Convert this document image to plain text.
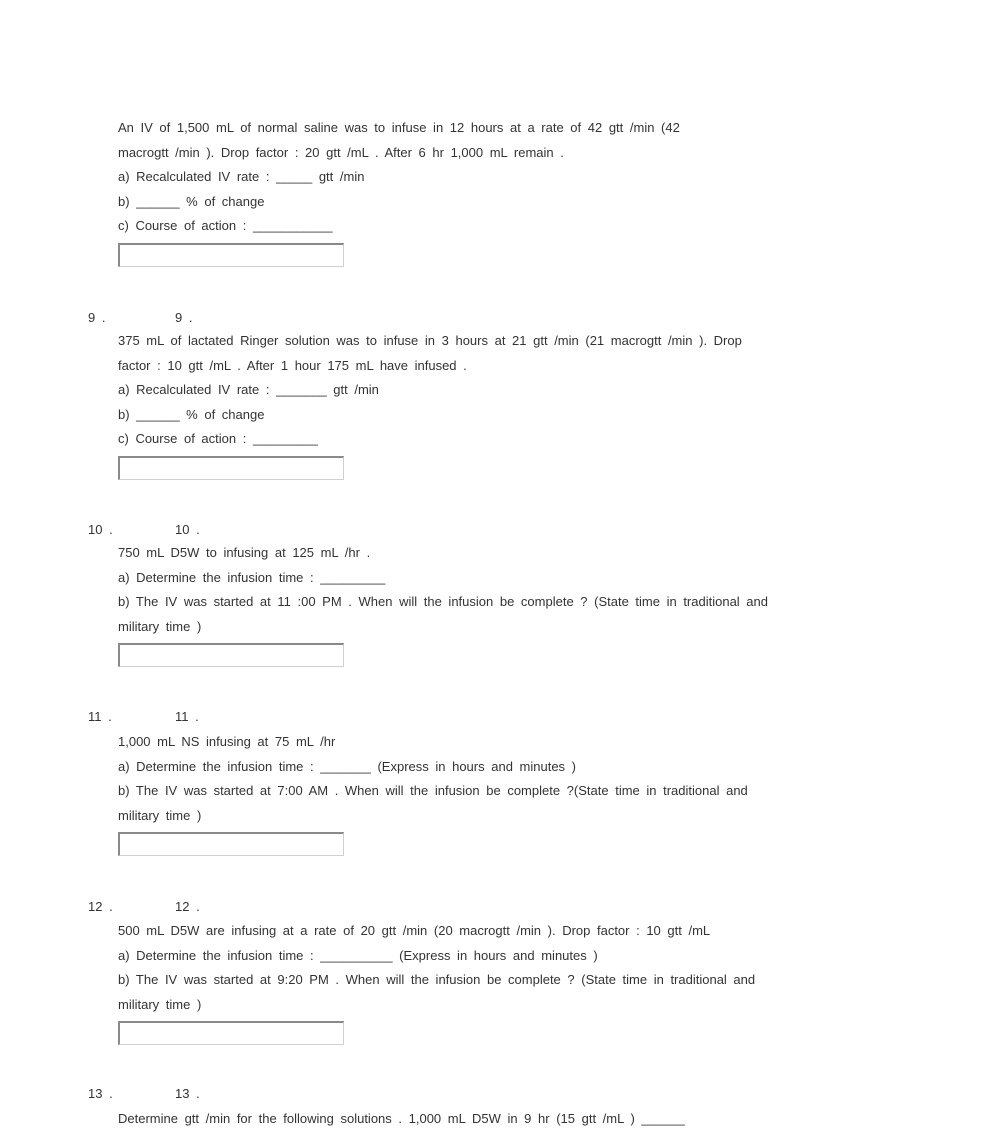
An IV of 1,500 mL of normal saline was to infuse in 12 hours at a rate of 42 gtt /min (42
macrogtt /min ). Drop factor : 20 gtt /mL . After 6 hr 1,000 mL remain .
a) Recalculated IV rate : _____ gtt /min
b) ______ % of change
c) Course of action : ___________
9 .	9 .
375 mL of lactated Ringer solution was to infuse in 3 hours at 21 gtt /min (21 macrogtt /min ). Drop
factor : 10 gtt /mL . After 1 hour 175 mL have infused .
a) Recalculated IV rate : _______ gtt /min
b) ______ % of change
c) Course of action : _________
10 .	10 .
750 mL D5W to infusing at 125 mL /hr .
a) Determine the infusion time : _________
b) The IV was started at 11 :00 PM . When will the infusion be complete ? (State time in traditional and
military time )
11 .	11 .
1,000 mL NS infusing at 75 mL /hr
a) Determine the infusion time : _______ (Express in hours and minutes )
b) The IV was started at 7:00 AM . When will the infusion be complete ?(State time in traditional and
military time )
12 .	12 .
500 mL D5W are infusing at a rate of 20 gtt /min (20 macrogtt /min ). Drop factor : 10 gtt /mL
a) Determine the infusion time : __________ (Express in hours and minutes )
b) The IV was started at 9:20 PM . When will the infusion be complete ? (State time in traditional and
military time )
13 .	13 .
Determine gtt /min for the following solutions . 1,000 mL D5W in 9 hr (15 gtt /mL ) ______
